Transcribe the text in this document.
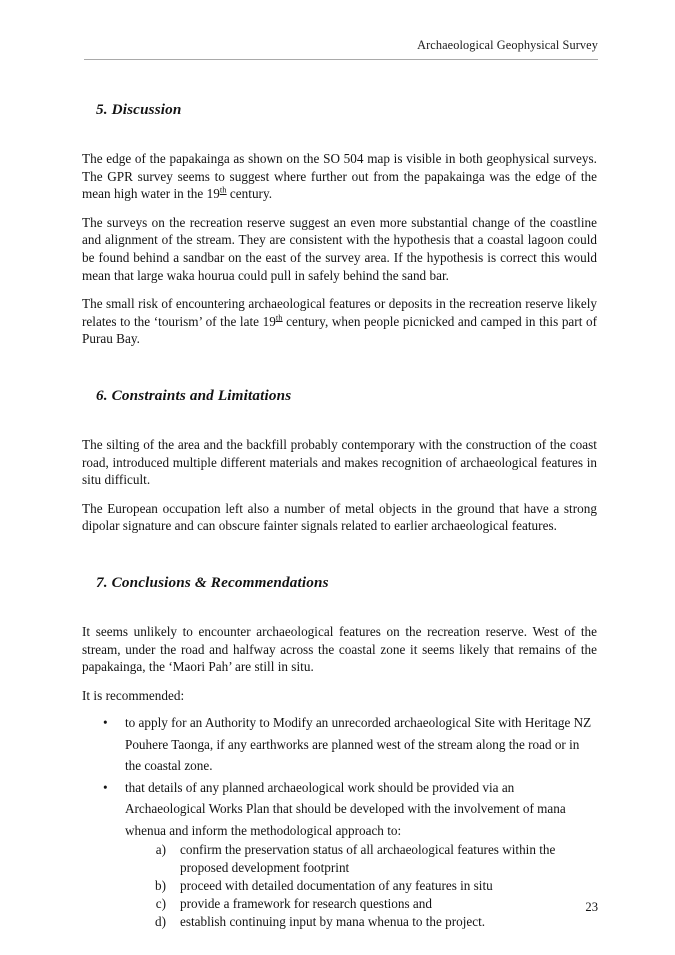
Archaeological Geophysical Survey
5. Discussion

The edge of the papakainga as shown on the SO 504 map is visible in both geophysical surveys. The GPR survey seems to suggest where further out from the papakainga was the edge of the mean high water in the 19th century.

The surveys on the recreation reserve suggest an even more substantial change of the coastline and alignment of the stream. They are consistent with the hypothesis that a coastal lagoon could be found behind a sandbar on the east of the survey area. If the hypothesis is correct this would mean that large waka hourua could pull in safely behind the sand bar.

The small risk of encountering archaeological features or deposits in the recreation reserve likely relates to the ‘tourism’ of the late 19th century, when people picnicked and camped in this part of Purau Bay.

6. Constraints and Limitations

The silting of the area and the backfill probably contemporary with the construction of the coast road, introduced multiple different materials and makes recognition of archaeological features in situ difficult.

The European occupation left also a number of metal objects in the ground that have a strong dipolar signature and can obscure fainter signals related to earlier archaeological features.

7. Conclusions & Recommendations

It seems unlikely to encounter archaeological features on the recreation reserve. West of the stream, under the road and halfway across the coastal zone it seems likely that remains of the papakainga, the ‘Maori Pah’ are still in situ.

It is recommended:

• to apply for an Authority to Modify an unrecorded archaeological Site with Heritage NZ Pouhere Taonga, if any earthworks are planned west of the stream along the road or in the coastal zone.
• that details of any planned archaeological work should be provided via an Archaeological Works Plan that should be developed with the involvement of mana whenua and inform the methodological approach to:
a) confirm the preservation status of all archaeological features within the proposed development footprint
b) proceed with detailed documentation of any features in situ
c) provide a framework for research questions and
d) establish continuing input by mana whenua to the project.
23
